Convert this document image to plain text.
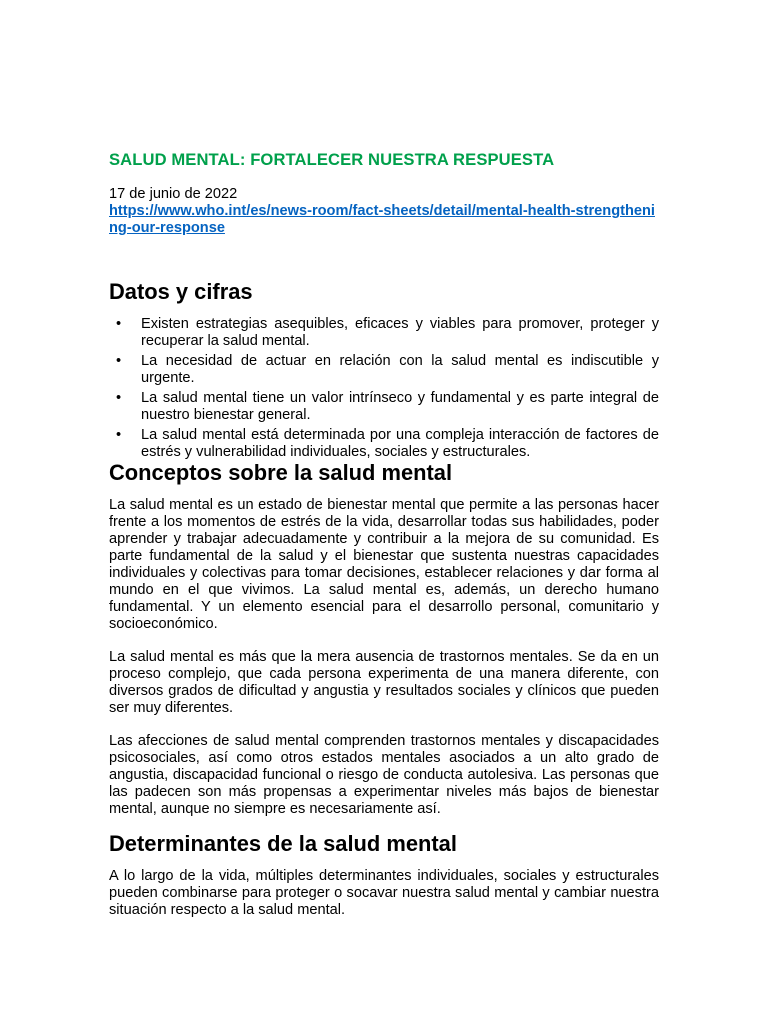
SALUD MENTAL: FORTALECER NUESTRA RESPUESTA

17 de junio de 2022

https://www.who.int/es/news-room/fact-sheets/detail/mental-health-strengthening-our-response
Datos y cifras
• Existen estrategias asequibles, eficaces y viables para promover, proteger y recuperar la salud mental.
• La necesidad de actuar en relación con la salud mental es indiscutible y urgente.
• La salud mental tiene un valor intrínseco y fundamental y es parte integral de nuestro bienestar general.
• La salud mental está determinada por una compleja interacción de factores de estrés y vulnerabilidad individuales, sociales y estructurales.
Conceptos sobre la salud mental

La salud mental es un estado de bienestar mental que permite a las personas hacer frente a los momentos de estrés de la vida, desarrollar todas sus habilidades, poder aprender y trabajar adecuadamente y contribuir a la mejora de su comunidad. Es parte fundamental de la salud y el bienestar que sustenta nuestras capacidades individuales y colectivas para tomar decisiones, establecer relaciones y dar forma al mundo en el que vivimos. La salud mental es, además, un derecho humano fundamental. Y un elemento esencial para el desarrollo personal, comunitario y socioeconómico.

La salud mental es más que la mera ausencia de trastornos mentales. Se da en un proceso complejo, que cada persona experimenta de una manera diferente, con diversos grados de dificultad y angustia y resultados sociales y clínicos que pueden ser muy diferentes.

Las afecciones de salud mental comprenden trastornos mentales y discapacidades psicosociales, así como otros estados mentales asociados a un alto grado de angustia, discapacidad funcional o riesgo de conducta autolesiva. Las personas que las padecen son más propensas a experimentar niveles más bajos de bienestar mental, aunque no siempre es necesariamente así.

Determinantes de la salud mental

A lo largo de la vida, múltiples determinantes individuales, sociales y estructurales pueden combinarse para proteger o socavar nuestra salud mental y cambiar nuestra situación respecto a la salud mental.
